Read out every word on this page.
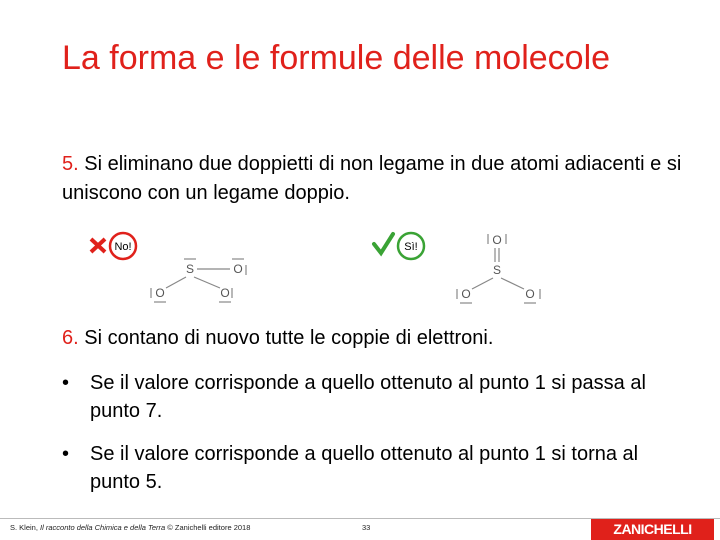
La forma e le formule delle molecole

5. Si eliminano due doppietti di non legame in due atomi adiacenti e si uniscono con un legame doppio.

No!
S	O
O	O
Sì!	O
S
O	O

6. Si contano di nuovo tutte le coppie di elettroni.

• Se il valore corrisponde a quello ottenuto al punto 1 si passa al punto 7.

• Se il valore corrisponde a quello ottenuto al punto 1 si torna al punto 5.

S. Klein, Il racconto della Chimica e della Terra © Zanichelli editore 2018	33	ZANICHELLI
